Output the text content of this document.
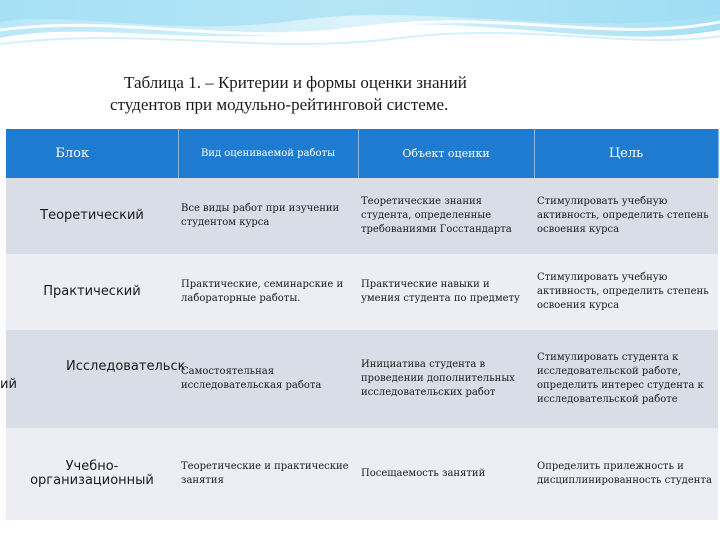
Таблица 1. – Критерии и формы оценки знаний
студентов при модульно-рейтинговой системе.
Блок	Вид оцениваемой работы	Объект оценки	Цель
Теоретический	Все виды работ при изучении студентом курса	Теоретические знания студента, определенные требованиями Госстандарта	Стимулировать учебную активность, определить степень освоения курса
Практический	Практические, семинарские и лабораторные работы.	Практические навыки и умения студента по предмету	Стимулировать учебную активность, определить степень освоения курса

Исследовательск
ий	Самостоятельная исследовательская работа	Инициатива студента в проведении дополнительных исследовательских работ	Стимулировать студента к исследовательской работе, определить интерес студента к исследовательской работе

Учебно-
организационный	Теоретические и практические занятия	Посещаемость занятий	Определить прилежность и дисциплинированность студента
